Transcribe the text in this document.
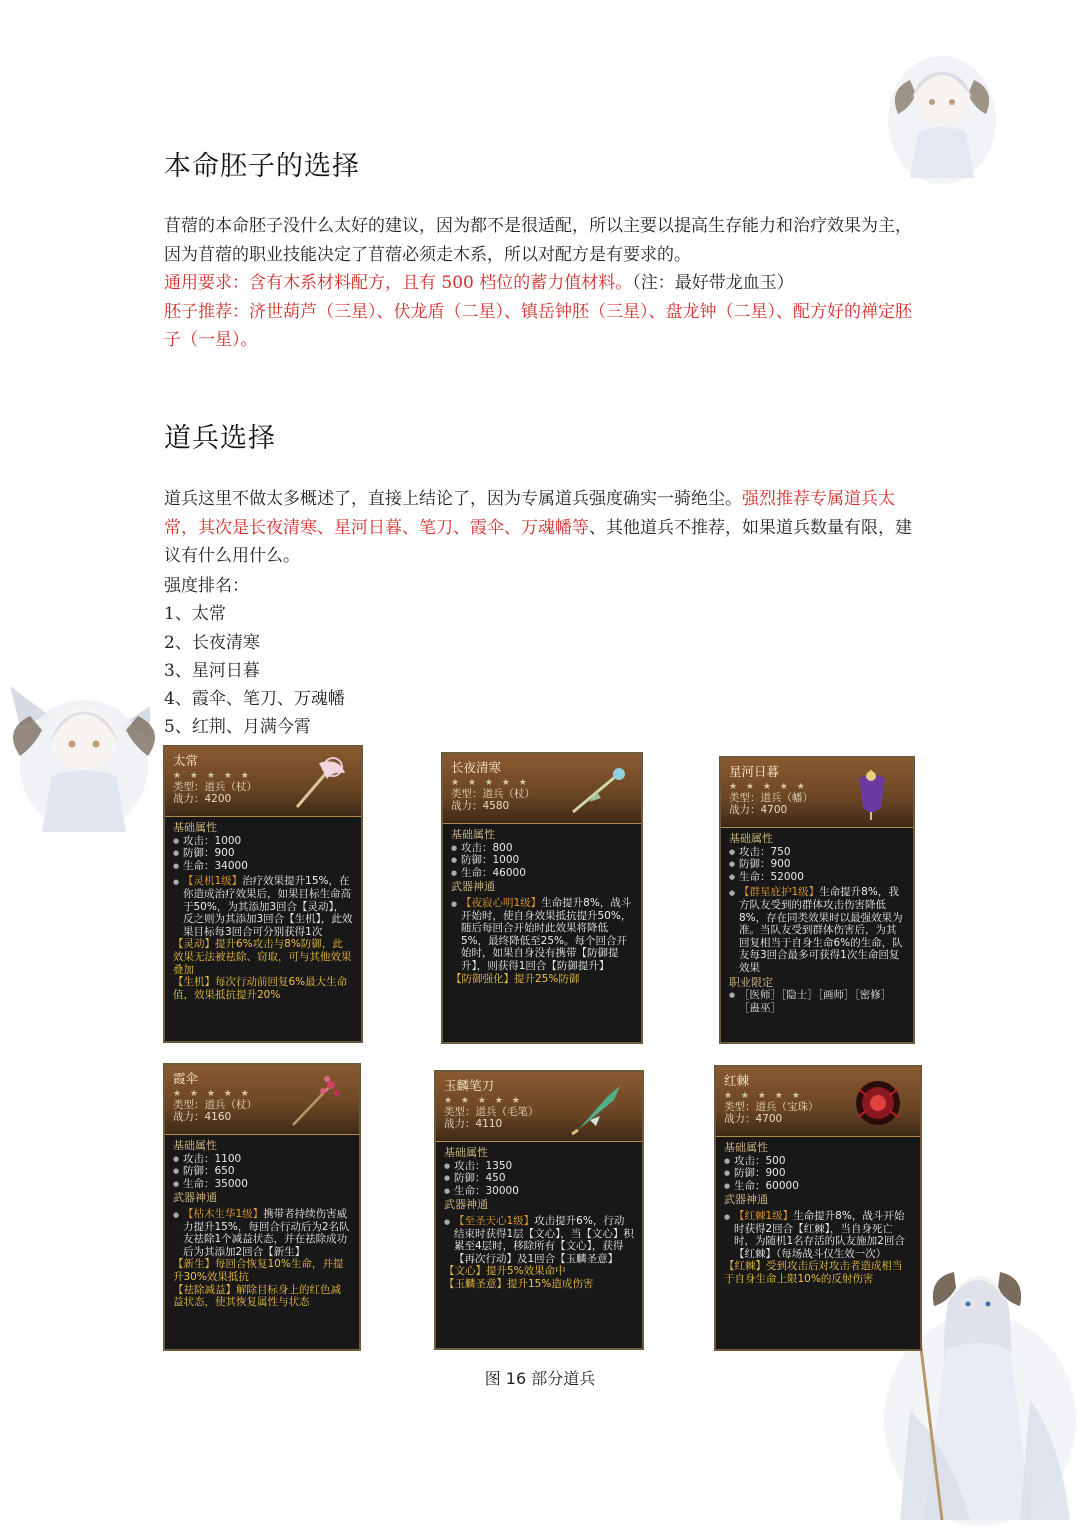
本命胚子的选择

苜蓿的本命胚子没什么太好的建议，因为都不是很适配，所以主要以提高生存能力和治疗效果为主，因为苜蓿的职业技能决定了苜蓿必须走木系，所以对配方是有要求的。
通用要求：含有木系材料配方，且有 500 档位的蓄力值材料。（注：最好带龙血玉）
胚子推荐：济世葫芦（三星）、伏龙盾（二星）、镇岳钟胚（三星）、盘龙钟（二星）、配方好的禅定胚子（一星）。

道兵选择

道兵这里不做太多概述了，直接上结论了，因为专属道兵强度确实一骑绝尘。强烈推荐专属道兵太常，其次是长夜清寒、星河日暮、笔刀、霞伞、万魂幡等、其他道兵不推荐，如果道兵数量有限，建议有什么用什么。

强度排名：
1、太常
2、长夜清寒
3、星河日暮
4、霞伞、笔刀、万魂幡
5、红荆、月满今霄
太常
★ ★ ★ ★ ★
类型：道兵（杖）
战力：4200
基础属性
● 攻击：1000
● 防御：900
● 生命：34000
● 【灵机1级】治疗效果提升15%，在你造成治疗效果后，如果目标生命高于50%，为其添加3回合【灵动】，反之则为其添加3回合【生机】，此效果目标每3回合可分别获得1次
【灵动】提升6%攻击与8%防御，此效果无法被祛除、窃取，可与其他效果叠加
【生机】每次行动前回复6%最大生命值，效果抵抗提升20%
长夜清寒
★ ★ ★ ★ ★
类型：道兵（杖）
战力：4580
基础属性
● 攻击：800
● 防御：1000
● 生命：46000
武器神通
● 【夜寂心明1级】生命提升8%，战斗开始时，使自身效果抵抗提升50%，随后每回合开始时此效果将降低5%，最终降低至25%。每个回合开始时，如果自身没有携带【防御提升】，则获得1回合【防御提升】
【防御强化】提升25%防御
星河日暮
★ ★ ★ ★ ★
类型：道兵（幡）
战力：4700
基础属性
● 攻击：750
● 防御：900
● 生命：52000
● 【群星庇护1级】生命提升8%，我方队友受到的群体攻击伤害降低8%，存在同类效果时以最强效果为准。当队友受到群体伤害后，为其回复相当于自身生命6%的生命，队友每3回合最多可获得1次生命回复效果
职业限定
● ［医师］［隐士］［画师］［密修］［蛊巫］
霞伞
★ ★ ★ ★ ★
类型：道兵（杖）
战力：4160
基础属性
● 攻击：1100
● 防御：650
● 生命：35000
武器神通
● 【枯木生华1级】携带者持续伤害威力提升15%，每回合行动后为2名队友祛除1个减益状态，并在祛除成功后为其添加2回合【新生】
【新生】每回合恢复10%生命，并提升30%效果抵抗
【祛除减益】解除目标身上的红色减益状态，使其恢复属性与状态
玉麟笔刀
★ ★ ★ ★ ★
类型：道兵（毛笔）
战力：4110
基础属性
● 攻击：1350
● 防御：450
● 生命：30000
武器神通
● 【至圣天心1级】攻击提升6%，行动结束时获得1层【文心】，当【文心】积累至4层时，移除所有【文心】，获得【再次行动】及1回合【玉麟圣意】
【文心】提升5%效果命中
【玉麟圣意】提升15%造成伤害
红棘
★ ★ ★ ★ ★
类型：道兵（宝珠）
战力：4700
基础属性
● 攻击：500
● 防御：900
● 生命：60000
武器神通
● 【红棘1级】生命提升8%，战斗开始时获得2回合【红棘】，当自身死亡时，为随机1名存活的队友施加2回合【红棘】（每场战斗仅生效一次）
【红棘】受到攻击后对攻击者造成相当于自身生命上限10%的反射伤害
图 16 部分道兵
